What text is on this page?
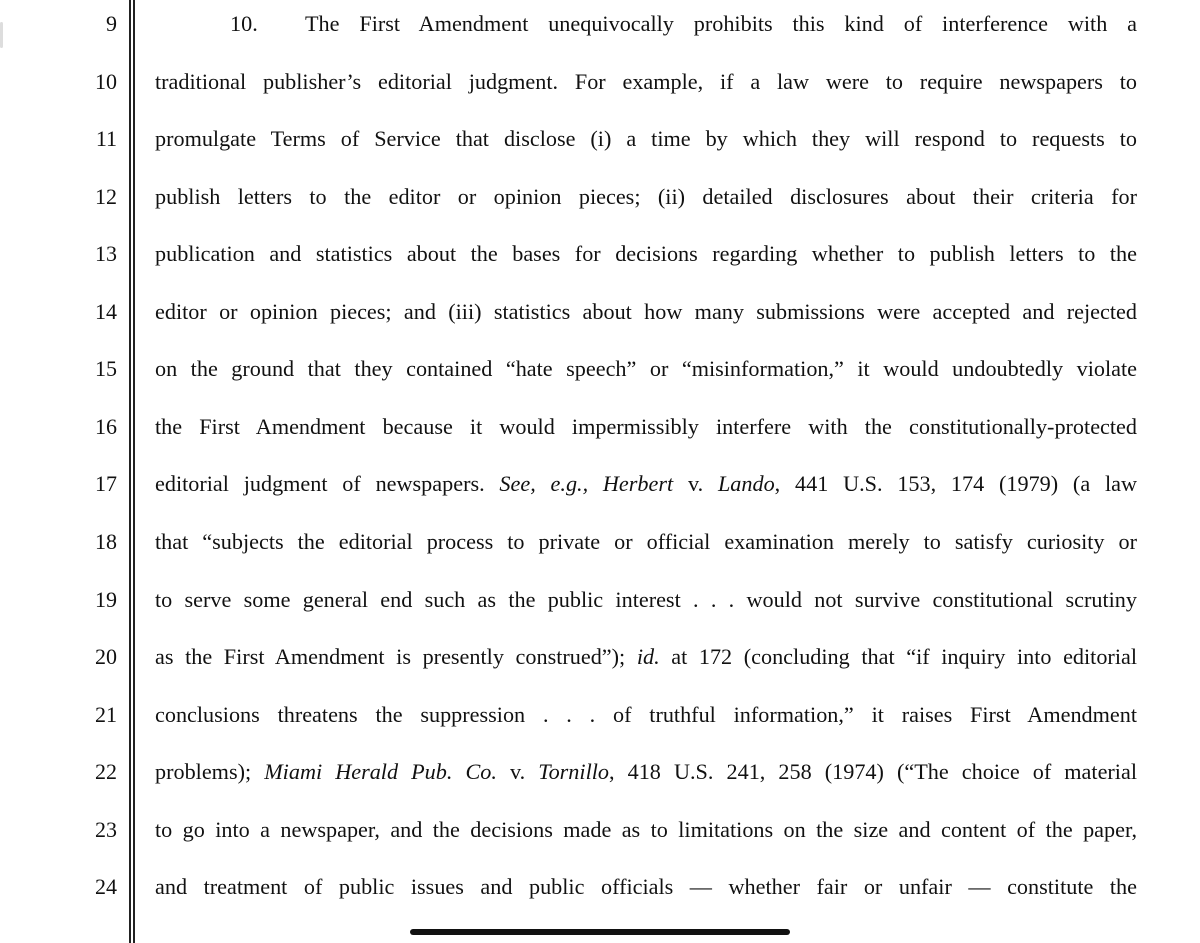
9	10. The First Amendment unequivocally prohibits this kind of interference with a
10 traditional publisher’s editorial judgment. For example, if a law were to require newspapers to
11 promulgate Terms of Service that disclose (i) a time by which they will respond to requests to
12 publish letters to the editor or opinion pieces; (ii) detailed disclosures about their criteria for
13 publication and statistics about the bases for decisions regarding whether to publish letters to the
14 editor or opinion pieces; and (iii) statistics about how many submissions were accepted and rejected
15 on the ground that they contained “hate speech” or “misinformation,” it would undoubtedly violate
16 the First Amendment because it would impermissibly interfere with the constitutionally-protected
17 editorial judgment of newspapers. See, e.g., Herbert v. Lando, 441 U.S. 153, 174 (1979) (a law
18 that “subjects the editorial process to private or official examination merely to satisfy curiosity or
19 to serve some general end such as the public interest . . . would not survive constitutional scrutiny
20 as the First Amendment is presently construed”); id. at 172 (concluding that “if inquiry into editorial
21 conclusions threatens the suppression . . . of truthful information,” it raises First Amendment
22 problems); Miami Herald Pub. Co. v. Tornillo, 418 U.S. 241, 258 (1974) (“The choice of material
23 to go into a newspaper, and the decisions made as to limitations on the size and content of the paper,
24 and treatment of public issues and public officials — whether fair or unfair — constitute the
